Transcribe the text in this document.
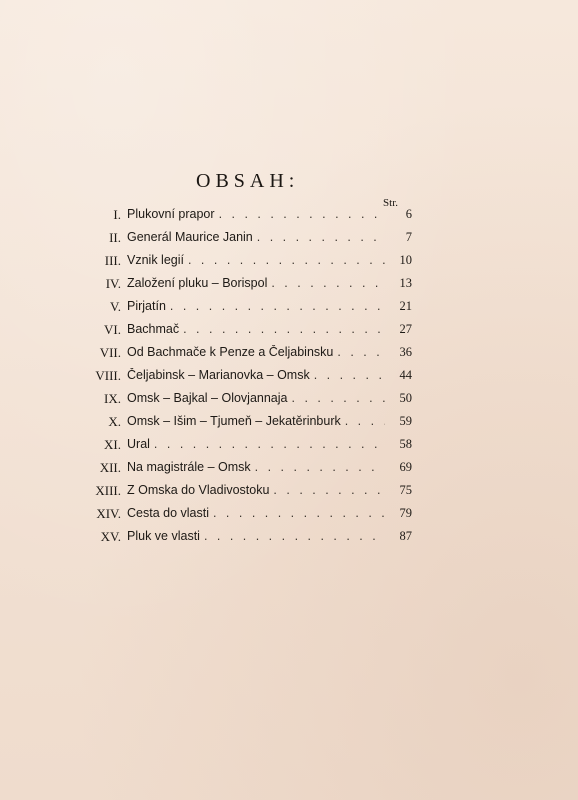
OBSAH:
Str.
I. Plukovní prapor . . .	6
II. Generál Maurice Janin . . .	7
III. Vznik legií . . .	10
IV. Založení pluku – Borispol . . .	13
V. Pirjatín . . .	21
VI. Bachmač . . .	27
VII. Od Bachmače k Penze a Čeljabinsku . . .	36
VIII. Čeljabinsk – Marianovka – Omsk . . .	44
IX. Omsk – Bajkal – Olovjannaja . . .	50
X. Omsk – Išim – Tjumeň – Jekatěrinburk . . .	59
XI. Ural . . .	58
XII. Na magistrále – Omsk . . .	69
XIII. Z Omska do Vladivostoku . . .	75
XIV. Cesta do vlasti . . .	79
XV. Pluk ve vlasti . . .	87
